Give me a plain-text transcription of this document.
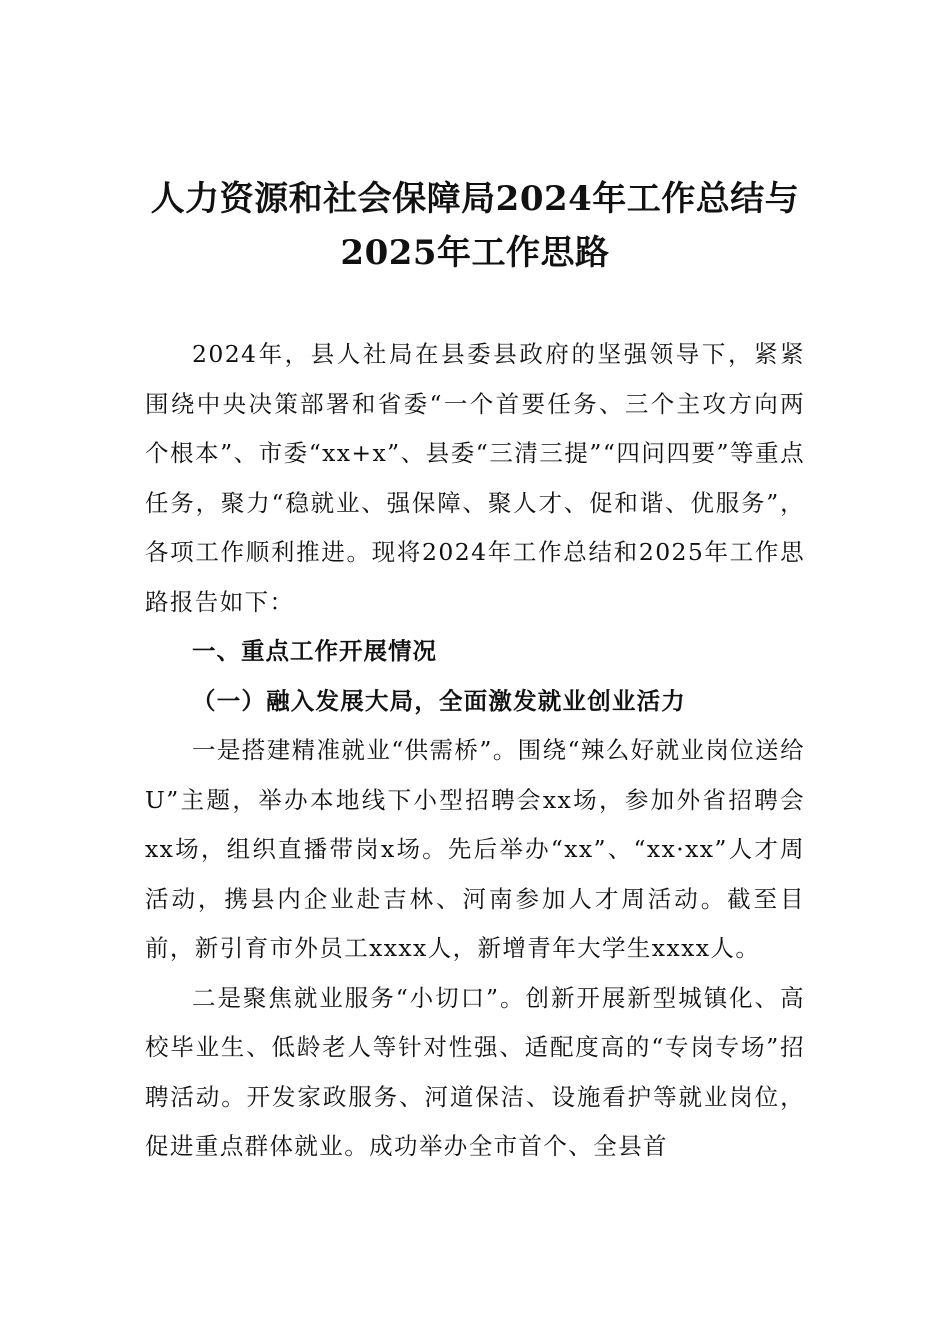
人力资源和社会保障局2024年工作总结与
2025年工作思路

2024年，县人社局在县委县政府的坚强领导下，紧紧围绕中央决策部署和省委“一个首要任务、三个主攻方向两个根本”、市委“xx+x”、县委“三清三提”“四问四要”等重点任务，聚力“稳就业、强保障、聚人才、促和谐、优服务”，各项工作顺利推进。现将2024年工作总结和2025年工作思路报告如下：

一、重点工作开展情况

（一）融入发展大局，全面激发就业创业活力

一是搭建精准就业“供需桥”。围绕“辣么好就业岗位送给U”主题，举办本地线下小型招聘会xx场，参加外省招聘会xx场，组织直播带岗x场。先后举办“xx”、“xx·xx”人才周活动，携县内企业赴吉林、河南参加人才周活动。截至目前，新引育市外员工xxxx人，新增青年大学生xxxx人。

二是聚焦就业服务“小切口”。创新开展新型城镇化、高校毕业生、低龄老人等针对性强、适配度高的“专岗专场”招聘活动。开发家政服务、河道保洁、设施看护等就业岗位，促进重点群体就业。成功举办全市首个、全县首
